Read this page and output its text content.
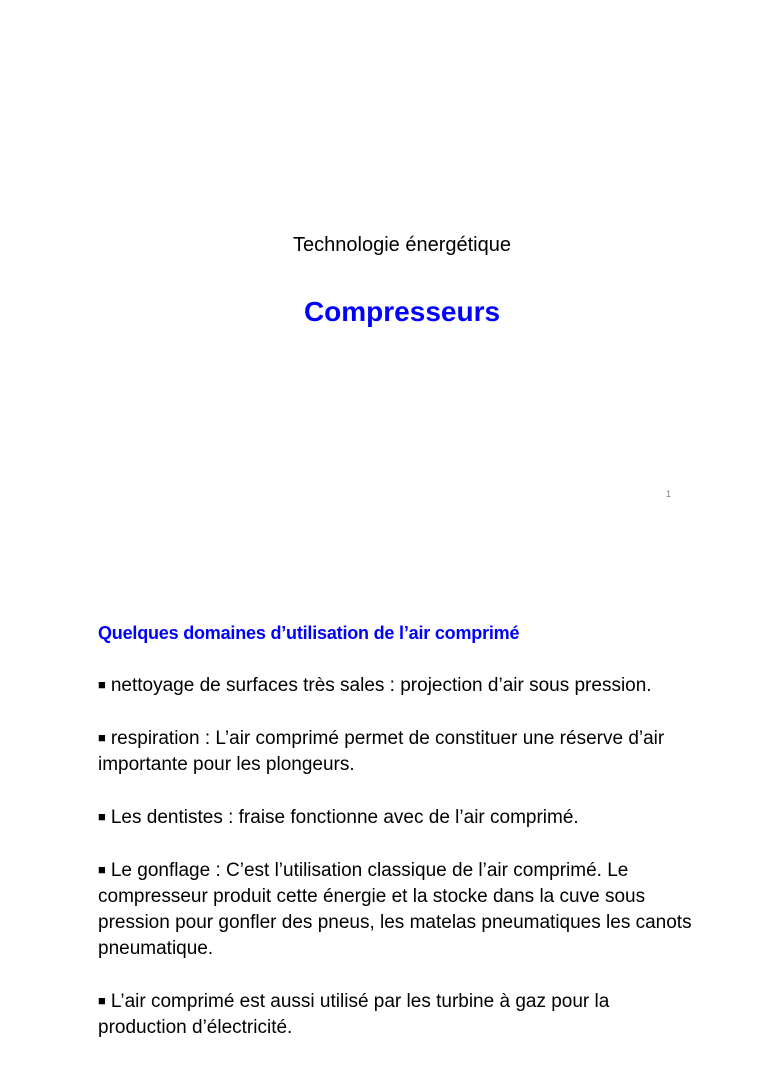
Technologie énergétique
Compresseurs
1
Quelques domaines d’utilisation de l’air comprimé
■ nettoyage de surfaces très sales : projection d’air sous pression.
■ respiration : L’air comprimé permet de constituer une réserve d’air importante pour les plongeurs.
■ Les dentistes : fraise fonctionne avec de l’air comprimé.
■ Le gonflage : C’est l’utilisation classique de l’air comprimé. Le compresseur produit cette énergie et la stocke dans la cuve sous pression pour gonfler des pneus, les matelas pneumatiques les canots pneumatique.
■ L’air comprimé est aussi utilisé par les turbine à gaz pour la production d’électricité.
